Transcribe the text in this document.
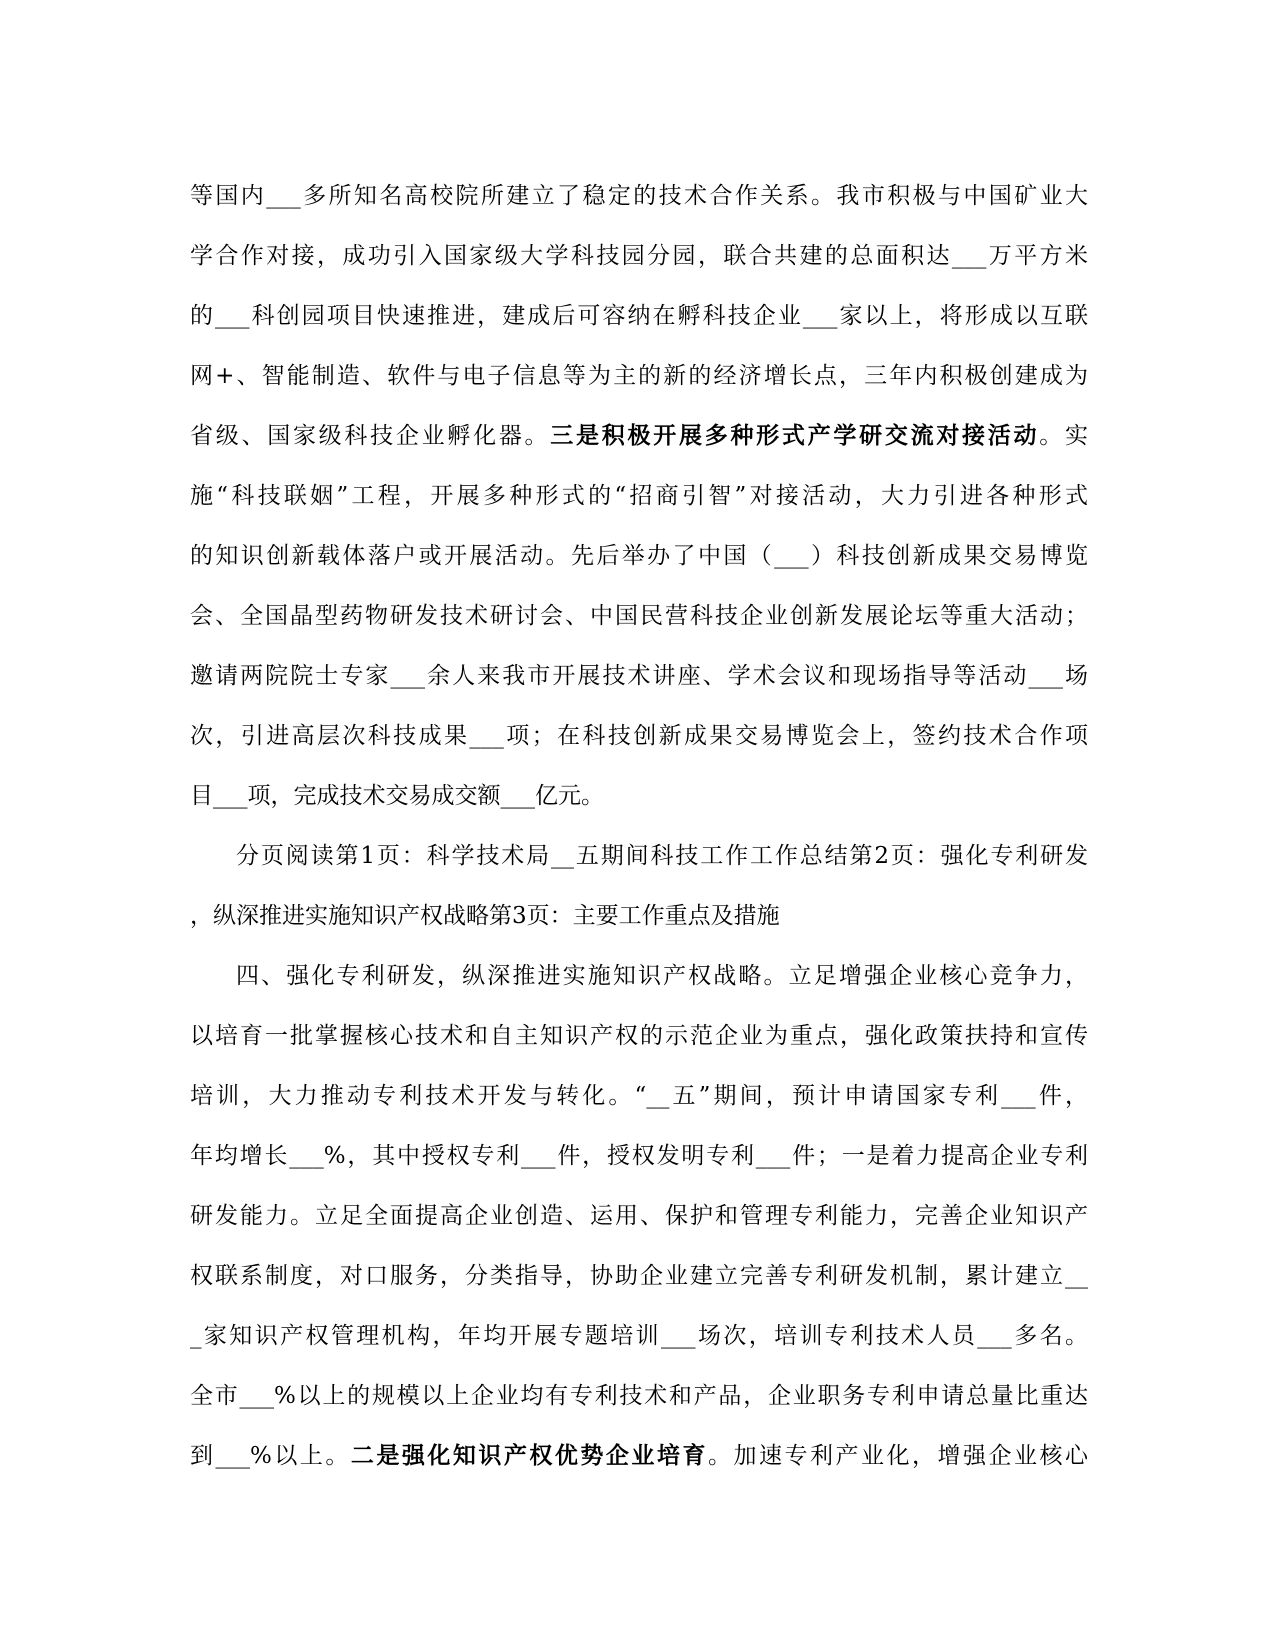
等国内___多所知名高校院所建立了稳定的技术合作关系。我市积极与中国矿业大
学合作对接，成功引入国家级大学科技园分园，联合共建的总面积达___万平方米
的___科创园项目快速推进，建成后可容纳在孵科技企业___家以上，将形成以互联
网+、智能制造、软件与电子信息等为主的新的经济增长点，三年内积极创建成为
省级、国家级科技企业孵化器。三是积极开展多种形式产学研交流对接活动。实
施“科技联姻”工程，开展多种形式的“招商引智”对接活动，大力引进各种形式
的知识创新载体落户或开展活动。先后举办了中国（___）科技创新成果交易博览
会、全国晶型药物研发技术研讨会、中国民营科技企业创新发展论坛等重大活动；
邀请两院院士专家___余人来我市开展技术讲座、学术会议和现场指导等活动___场
次，引进高层次科技成果___项；在科技创新成果交易博览会上，签约技术合作项
目___项，完成技术交易成交额___亿元。
分页阅读第1页：科学技术局__五期间科技工作工作总结第2页：强化专利研发
，纵深推进实施知识产权战略第3页：主要工作重点及措施
四、强化专利研发，纵深推进实施知识产权战略。立足增强企业核心竞争力，
以培育一批掌握核心技术和自主知识产权的示范企业为重点，强化政策扶持和宣传
培训，大力推动专利技术开发与转化。“__五”期间，预计申请国家专利___件，
年均增长___%，其中授权专利___件，授权发明专利___件；一是着力提高企业专利
研发能力。立足全面提高企业创造、运用、保护和管理专利能力，完善企业知识产
权联系制度，对口服务，分类指导，协助企业建立完善专利研发机制，累计建立__
_家知识产权管理机构，年均开展专题培训___场次，培训专利技术人员___多名。
全市___%以上的规模以上企业均有专利技术和产品，企业职务专利申请总量比重达
到___%以上。二是强化知识产权优势企业培育。加速专利产业化，增强企业核心
